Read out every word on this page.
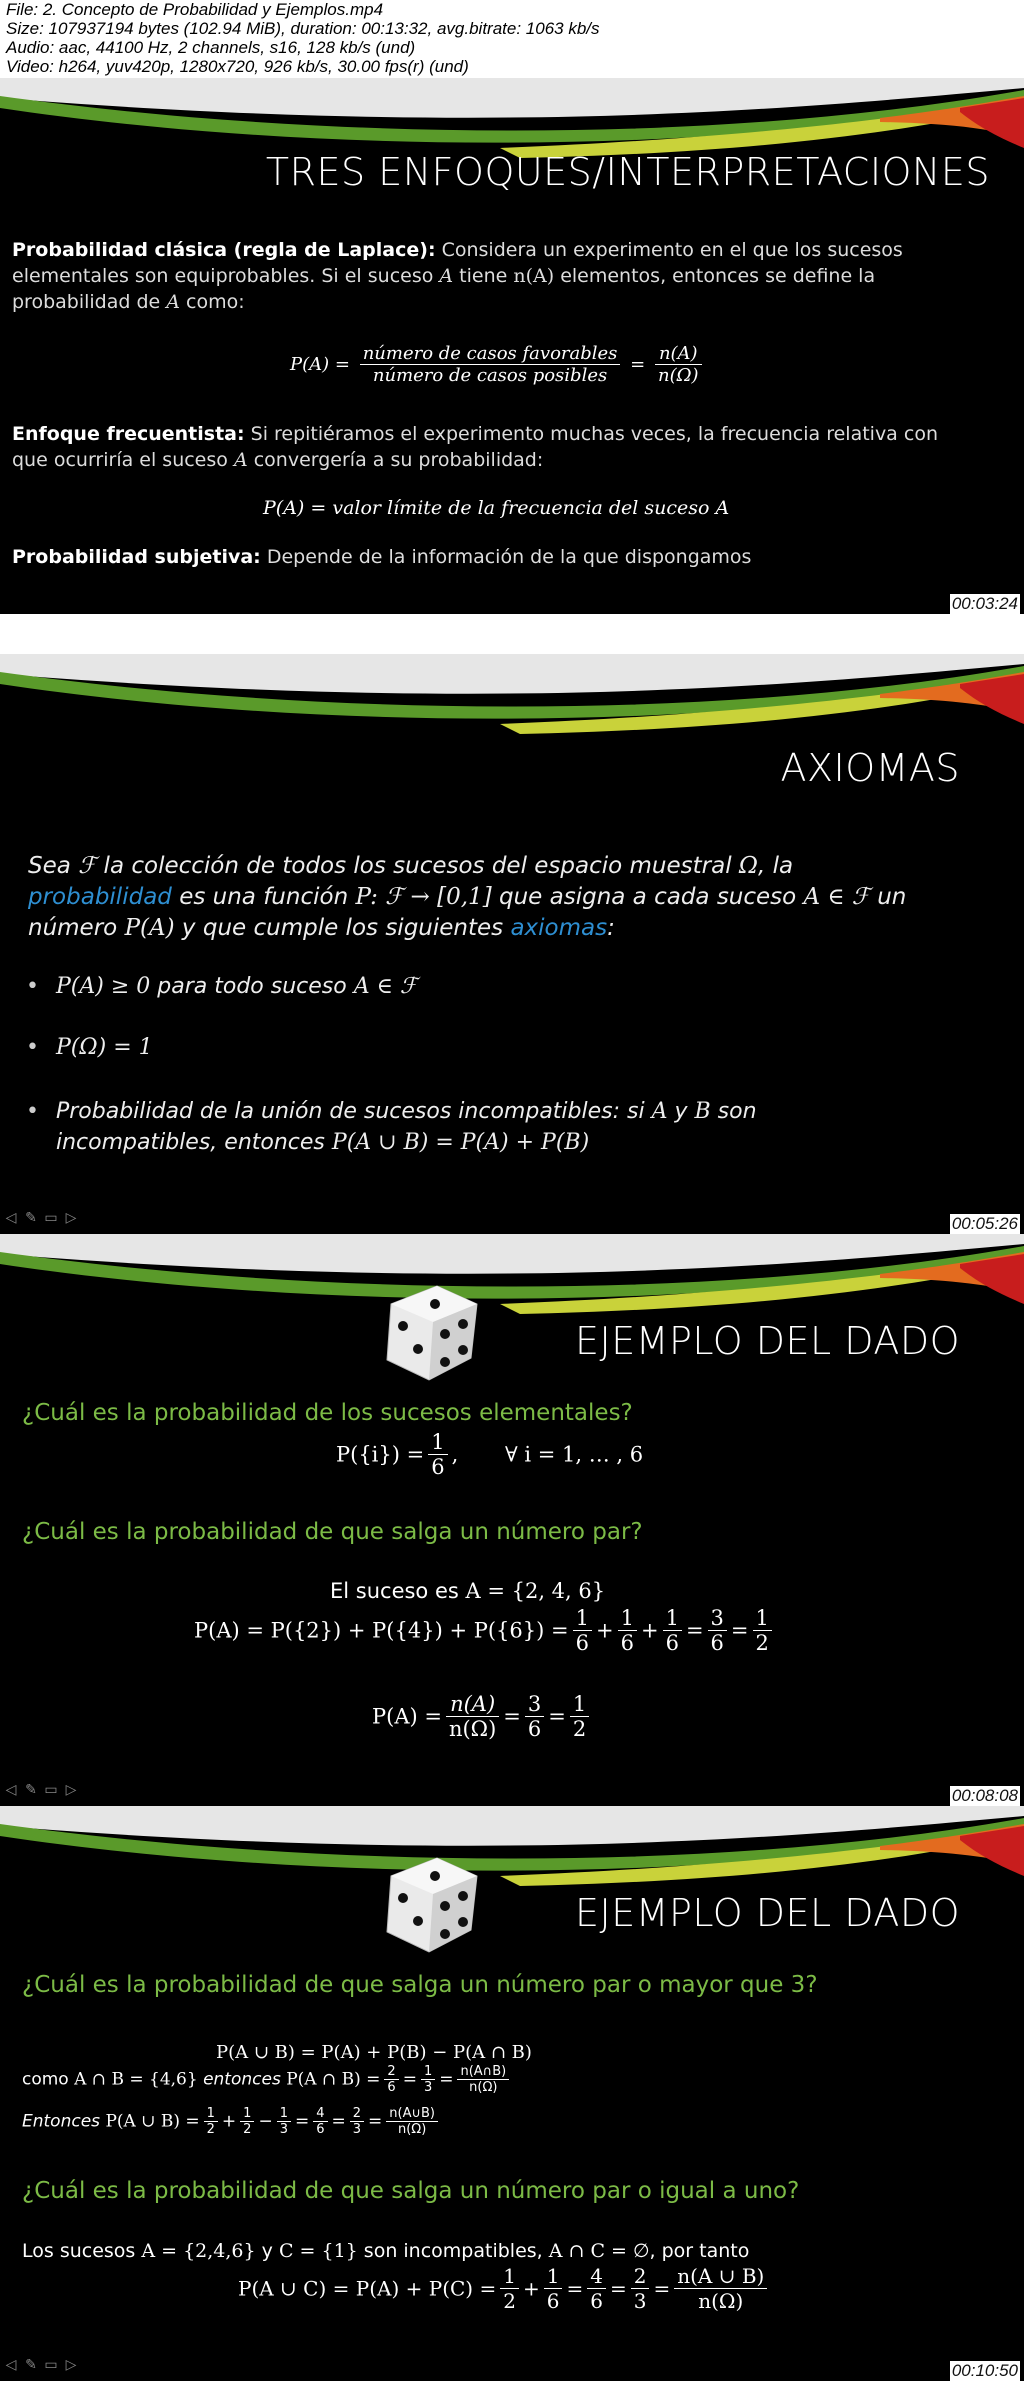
File: 2. Concepto de Probabilidad y Ejemplos.mp4
Size: 107937194 bytes (102.94 MiB), duration: 00:13:32, avg.bitrate: 1063 kb/s
Audio: aac, 44100 Hz, 2 channels, s16, 128 kb/s (und)
Video: h264, yuv420p, 1280x720, 926 kb/s, 30.00 fps(r) (und)
TRES ENFOQUES/INTERPRETACIONES
Probabilidad clásica (regla de Laplace): Considera un experimento en el que los sucesos
elementales son equiprobables. Si el suceso A tiene n(A) elementos, entonces se define la
probabilidad de A como:
$P(A) = \frac{\text{número de casos favorables}}{\text{número de casos posibles}} = \frac{n(A)}{n(\Omega)}$
Enfoque frecuentista: Si repitiéramos el experimento muchas veces, la frecuencia relativa con
que ocurriría el suceso A convergería a su probabilidad:
P(A) = valor límite de la frecuencia del suceso A
Probabilidad subjetiva: Depende de la información de la que dispongamos
00:03:24
AXIOMAS
Sea ℱ la colección de todos los sucesos del espacio muestral Ω, la
probabilidad es una función P: ℱ → [0,1] que asigna a cada suceso A ∈ ℱ un
número P(A) y que cumple los siguientes axiomas:
• P(A) ≥ 0 para todo suceso A ∈ ℱ
• P(Ω) = 1
• Probabilidad de la unión de sucesos incompatibles: si A y B son
incompatibles, entonces P(A ∪ B) = P(A) + P(B)
◁ ✎ ▭ ▷	00:05:26
EJEMPLO DEL DADO
¿Cuál es la probabilidad de los sucesos elementales?
$P(\{i\}) = \frac{1}{6}$ ,       ∀ i = 1, … , 6
¿Cuál es la probabilidad de que salga un número par?
El suceso es A = {2, 4, 6}
$P(A) = P(\{2\}) + P(\{4\}) + P(\{6\}) = \frac{1}{6} + \frac{1}{6} + \frac{1}{6} = \frac{3}{6} = \frac{1}{2}$
$P(A) = \frac{n(A)}{n(\Omega)} = \frac{3}{6} = \frac{1}{2}$
◁ ✎ ▭ ▷	00:08:08
EJEMPLO DEL DADO
¿Cuál es la probabilidad de que salga un número par o mayor que 3?
P(A ∪ B) = P(A) + P(B) − P(A ∩ B)
como A ∩ B = {4,6} entonces P(A ∩ $B) = \frac{2}{6} = \frac{1}{3} = \frac{n(A\cap B)}{n(\Omega)}$
Entonces P(A ∪ $B) = \frac{1}{2} + \frac{1}{2} - \frac{1}{3} = \frac{4}{6} = \frac{2}{3} = \frac{n(A\cup B)}{n(\Omega)}$
¿Cuál es la probabilidad de que salga un número par o igual a uno?
Los sucesos A = {2,4,6} y C = {1} son incompatibles, A ∩ C = ∅, por tanto
P(A ∪ $C) = P(A) + P(C) = \frac{1}{2} + \frac{1}{6} = \frac{4}{6} = \frac{2}{3} = \frac{n(A \cup B)}{n(\Omega)}$
◁ ✎ ▭ ▷	00:10:50
